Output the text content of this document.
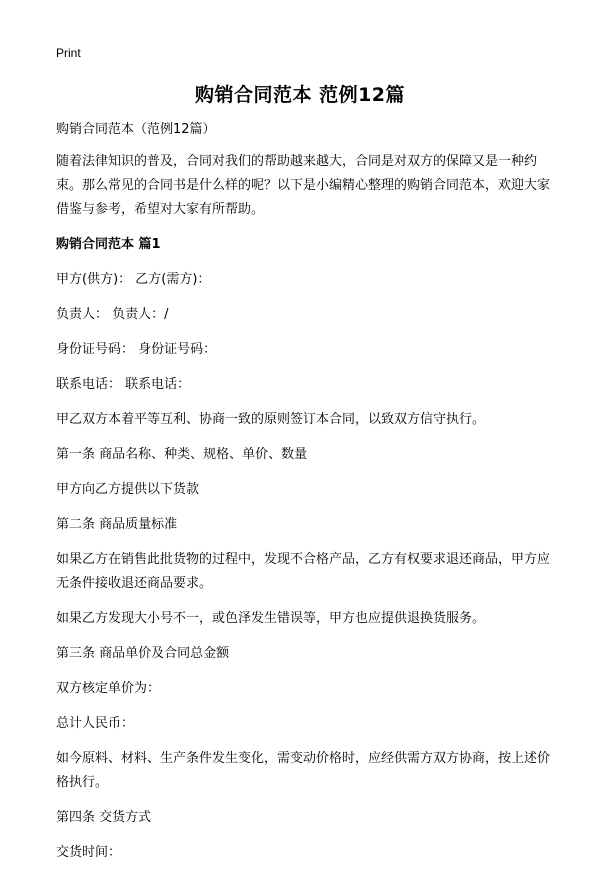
Print
购销合同范本 范例12篇

购销合同范本（范例12篇）

随着法律知识的普及，合同对我们的帮助越来越大，合同是对双方的保障又是一种约束。那么常见的合同书是什么样的呢？以下是小编精心整理的购销合同范本，欢迎大家借鉴与参考，希望对大家有所帮助。

购销合同范本 篇1

甲方(供方)： 乙方(需方)：

负责人： 负责人：/

身份证号码： 身份证号码：

联系电话： 联系电话：

甲乙双方本着平等互利、协商一致的原则签订本合同，以致双方信守执行。

第一条 商品名称、种类、规格、单价、数量

甲方向乙方提供以下货款

第二条 商品质量标准

如果乙方在销售此批货物的过程中，发现不合格产品，乙方有权要求退还商品，甲方应无条件接收退还商品要求。

如果乙方发现大小号不一，或色泽发生错误等，甲方也应提供退换货服务。

第三条 商品单价及合同总金额

双方核定单价为：

总计人民币：

如今原料、材料、生产条件发生变化，需变动价格时，应经供需方双方协商，按上述价格执行。

第四条 交货方式

交货时间：
